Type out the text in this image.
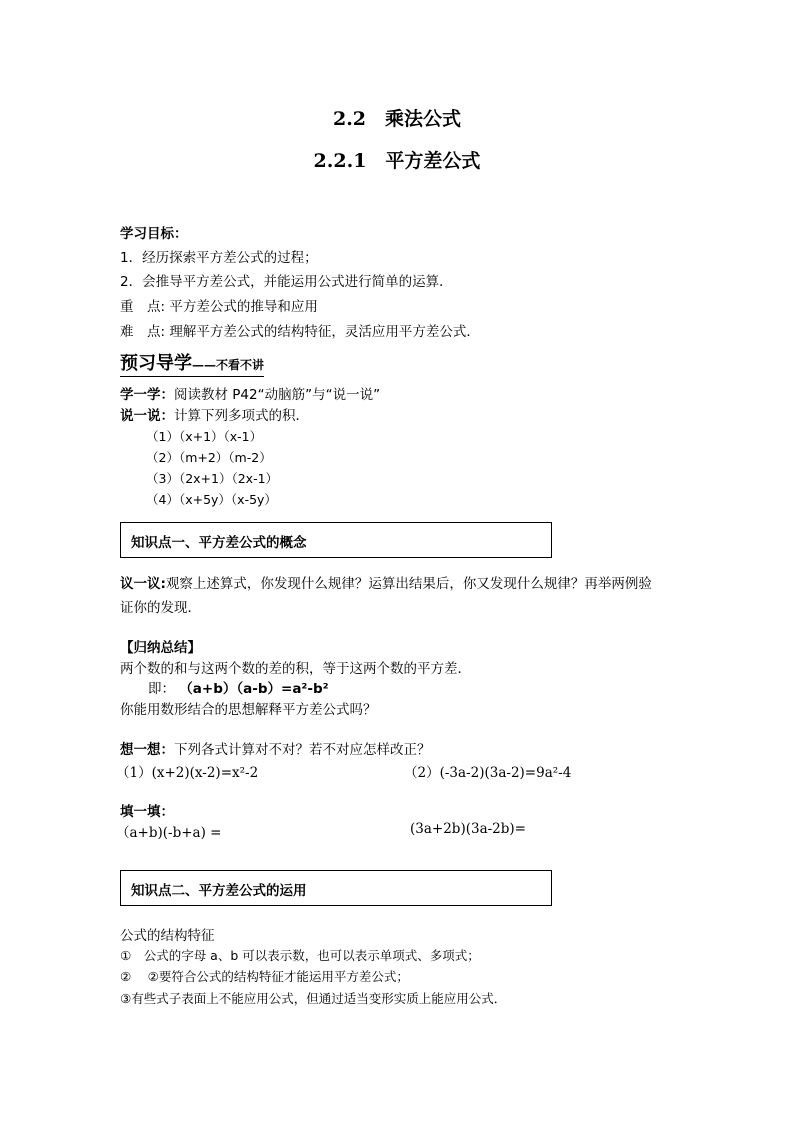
2.2　乘法公式
2.2.1　平方差公式
学习目标：
1．经历探索平方差公式的过程；
2．会推导平方差公式，并能运用公式进行简单的运算．
重　点: 平方差公式的推导和应用
难　点: 理解平方差公式的结构特征，灵活应用平方差公式．
预习导学——不看不讲
学一学：阅读教材 P42“动脑筋”与“说一说”
说一说：计算下列多项式的积．
（1）（x+1）（x-1）
（2）（m+2）（m-2）
（3）（2x+1）（2x-1）
（4）（x+5y）（x-5y）
知识点一、平方差公式的概念
议一议:观察上述算式，你发现什么规律？运算出结果后，你又发现什么规律？再举两例验
证你的发现．
【归纳总结】
两个数的和与这两个数的差的积，等于这两个数的平方差．
即： （a+b）（a-b）=a²-b²
你能用数形结合的思想解释平方差公式吗？
想一想：下列各式计算对不对？若不对应怎样改正？
（1）(x+2)(x-2)=x²-2	（2）(-3a-2)(3a-2)=9a²-4
填一填：
（a+b)(-b+a) =	(3a+2b)(3a-2b)=
知识点二、平方差公式的运用
公式的结构特征
①　公式的字母 a、b 可以表示数，也可以表示单项式、多项式；
②　 ②要符合公式的结构特征才能运用平方差公式；
③有些式子表面上不能应用公式，但通过适当变形实质上能应用公式．
